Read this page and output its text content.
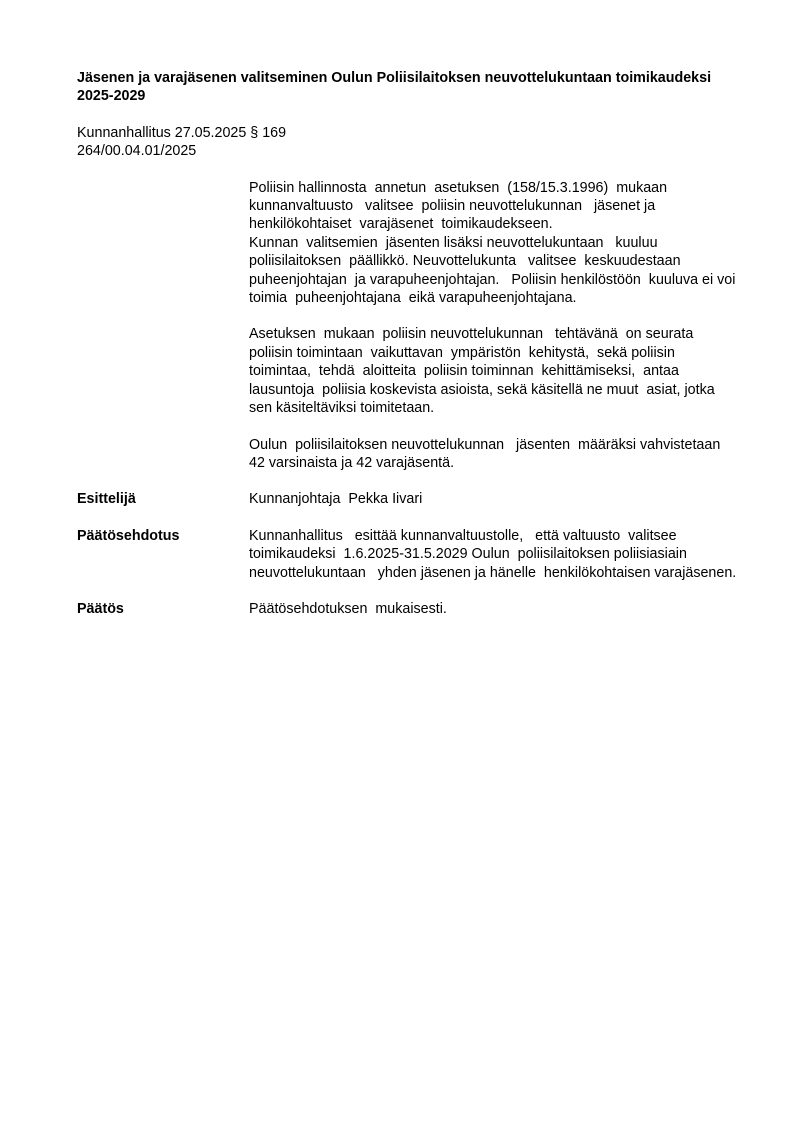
Jäsenen ja varajäsenen valitseminen Oulun Poliisilaitoksen neuvottelukuntaan toimikaudeksi 2025-2029

Kunnanhallitus 27.05.2025 § 169
264/00.04.01/2025

Poliisin hallinnosta  annetun  asetuksen  (158/15.3.1996)  mukaan kunnanvaltuusto   valitsee  poliisin neuvottelukunnan   jäsenet ja henkilökohtaiset  varajäsenet  toimikaudekseen.
Kunnan  valitsemien  jäsenten lisäksi neuvottelukuntaan   kuuluu poliisilaitoksen  päällikkö. Neuvottelukunta   valitsee  keskuudestaan puheenjohtajan  ja varapuheenjohtajan.   Poliisin henkilöstöön  kuuluva ei voi toimia  puheenjohtajana  eikä varapuheenjohtajana.

Asetuksen  mukaan  poliisin neuvottelukunnan   tehtävänä  on seurata poliisin toimintaan  vaikuttavan  ympäristön  kehitystä,  sekä poliisin toimintaa,  tehdä  aloitteita  poliisin toiminnan  kehittämiseksi,  antaa lausuntoja  poliisia koskevista asioista, sekä käsitellä ne muut  asiat, jotka sen käsiteltäviksi toimitetaan.

Oulun  poliisilaitoksen neuvottelukunnan   jäsenten  määräksi vahvistetaan  42 varsinaista ja 42 varajäsentä.

Esittelijä	Kunnanjohtaja  Pekka Iivari
Päätösehdotus	Kunnanhallitus   esittää kunnanvaltuustolle,   että valtuusto  valitsee toimikaudeksi  1.6.2025-31.5.2029 Oulun  poliisilaitoksen poliisiasiain neuvottelukuntaan   yhden jäsenen ja hänelle  henkilökohtaisen varajäsenen.
Päätös	Päätösehdotuksen  mukaisesti.
